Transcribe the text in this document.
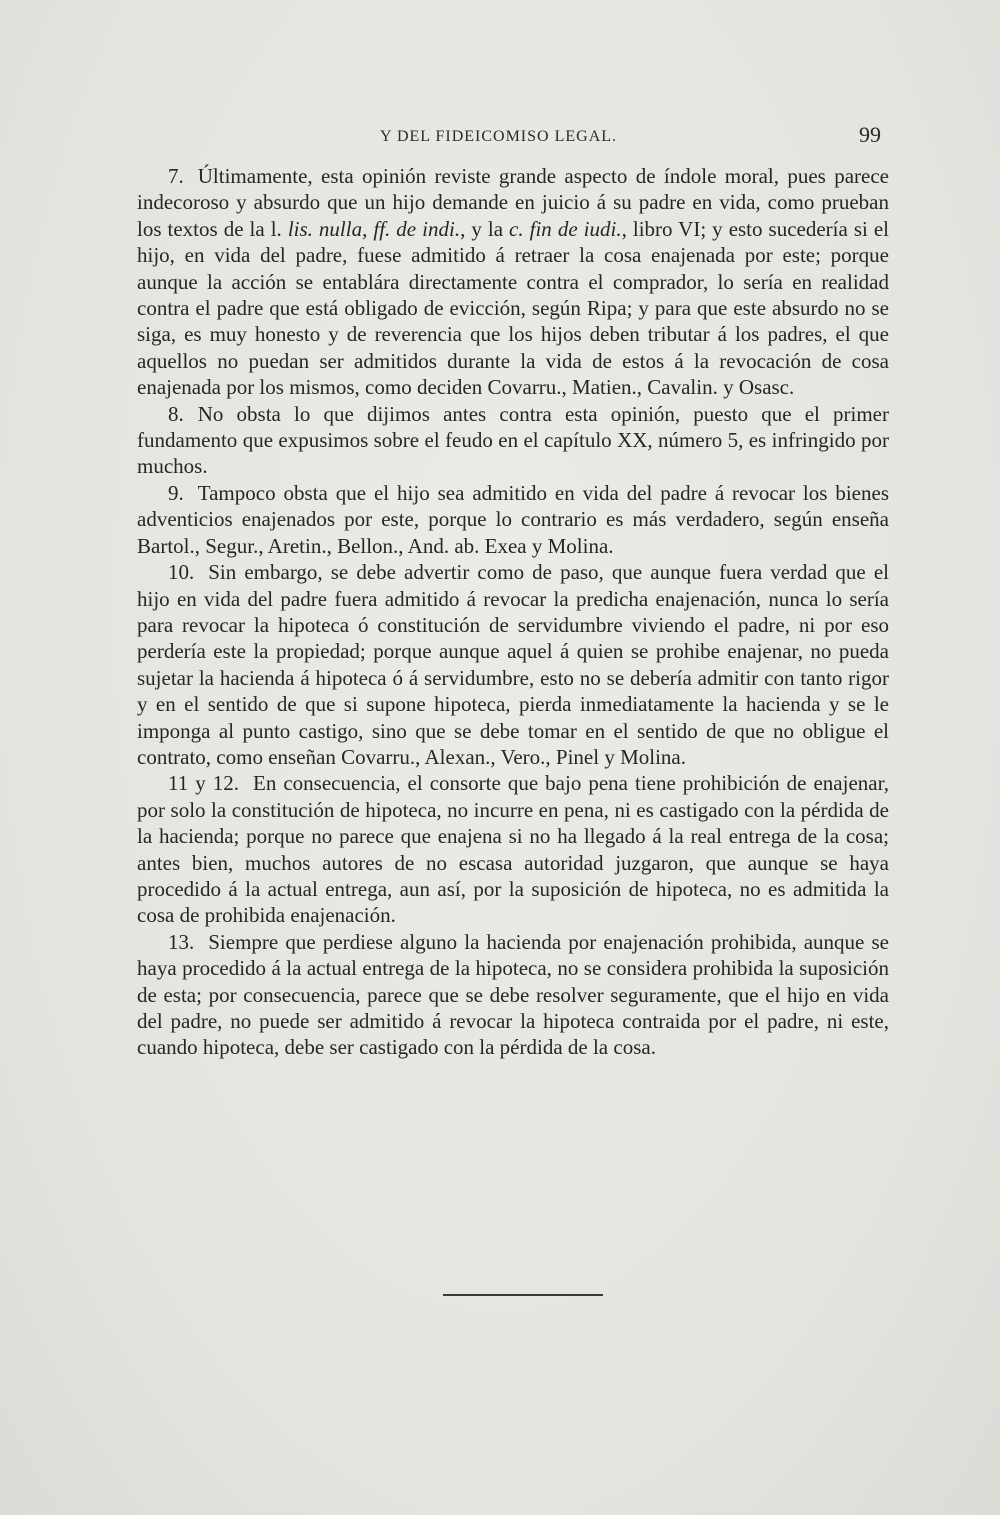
Y DEL FIDEICOMISO LEGAL.	99

7. Últimamente, esta opinión reviste grande aspecto de índole moral, pues parece indecoroso y absurdo que un hijo demande en juicio á su padre en vida, como prueban los textos de la l. lis. nulla, ff. de indi., y la c. fin de iudi., libro VI; y esto sucedería si el hijo, en vida del padre, fuese admitido á retraer la cosa enajenada por este; porque aunque la acción se entablára directamente contra el comprador, lo sería en realidad contra el padre que está obligado de evicción, según Ripa; y para que este absurdo no se siga, es muy honesto y de reverencia que los hijos deben tributar á los padres, el que aquellos no puedan ser admitidos durante la vida de estos á la revocación de cosa enajenada por los mismos, como deciden Covarru., Matien., Cavalin. y Osasc.

8. No obsta lo que dijimos antes contra esta opinión, puesto que el primer fundamento que expusimos sobre el feudo en el capítulo XX, número 5, es infringido por muchos.

9. Tampoco obsta que el hijo sea admitido en vida del padre á revocar los bienes adventicios enajenados por este, porque lo contrario es más verdadero, según enseña Bartol., Segur., Aretin., Bellon., And. ab. Exea y Molina.

10. Sin embargo, se debe advertir como de paso, que aunque fuera verdad que el hijo en vida del padre fuera admitido á revocar la predicha enajenación, nunca lo sería para revocar la hipoteca ó constitución de servidumbre viviendo el padre, ni por eso perdería este la propiedad; porque aunque aquel á quien se prohibe enajenar, no pueda sujetar la hacienda á hipoteca ó á servidumbre, esto no se debería admitir con tanto rigor y en el sentido de que si supone hipoteca, pierda inmediatamente la hacienda y se le imponga al punto castigo, sino que se debe tomar en el sentido de que no obligue el contrato, como enseñan Covarru., Alexan., Vero., Pinel y Molina.

11 y 12. En consecuencia, el consorte que bajo pena tiene prohibición de enajenar, por solo la constitución de hipoteca, no incurre en pena, ni es castigado con la pérdida de la hacienda; porque no parece que enajena si no ha llegado á la real entrega de la cosa; antes bien, muchos autores de no escasa autoridad juzgaron, que aunque se haya procedido á la actual entrega, aun así, por la suposición de hipoteca, no es admitida la cosa de prohibida enajenación.

13. Siempre que perdiese alguno la hacienda por enajenación prohibida, aunque se haya procedido á la actual entrega de la hipoteca, no se considera prohibida la suposición de esta; por consecuencia, parece que se debe resolver seguramente, que el hijo en vida del padre, no puede ser admitido á revocar la hipoteca contraida por el padre, ni este, cuando hipoteca, debe ser castigado con la pérdida de la cosa.
